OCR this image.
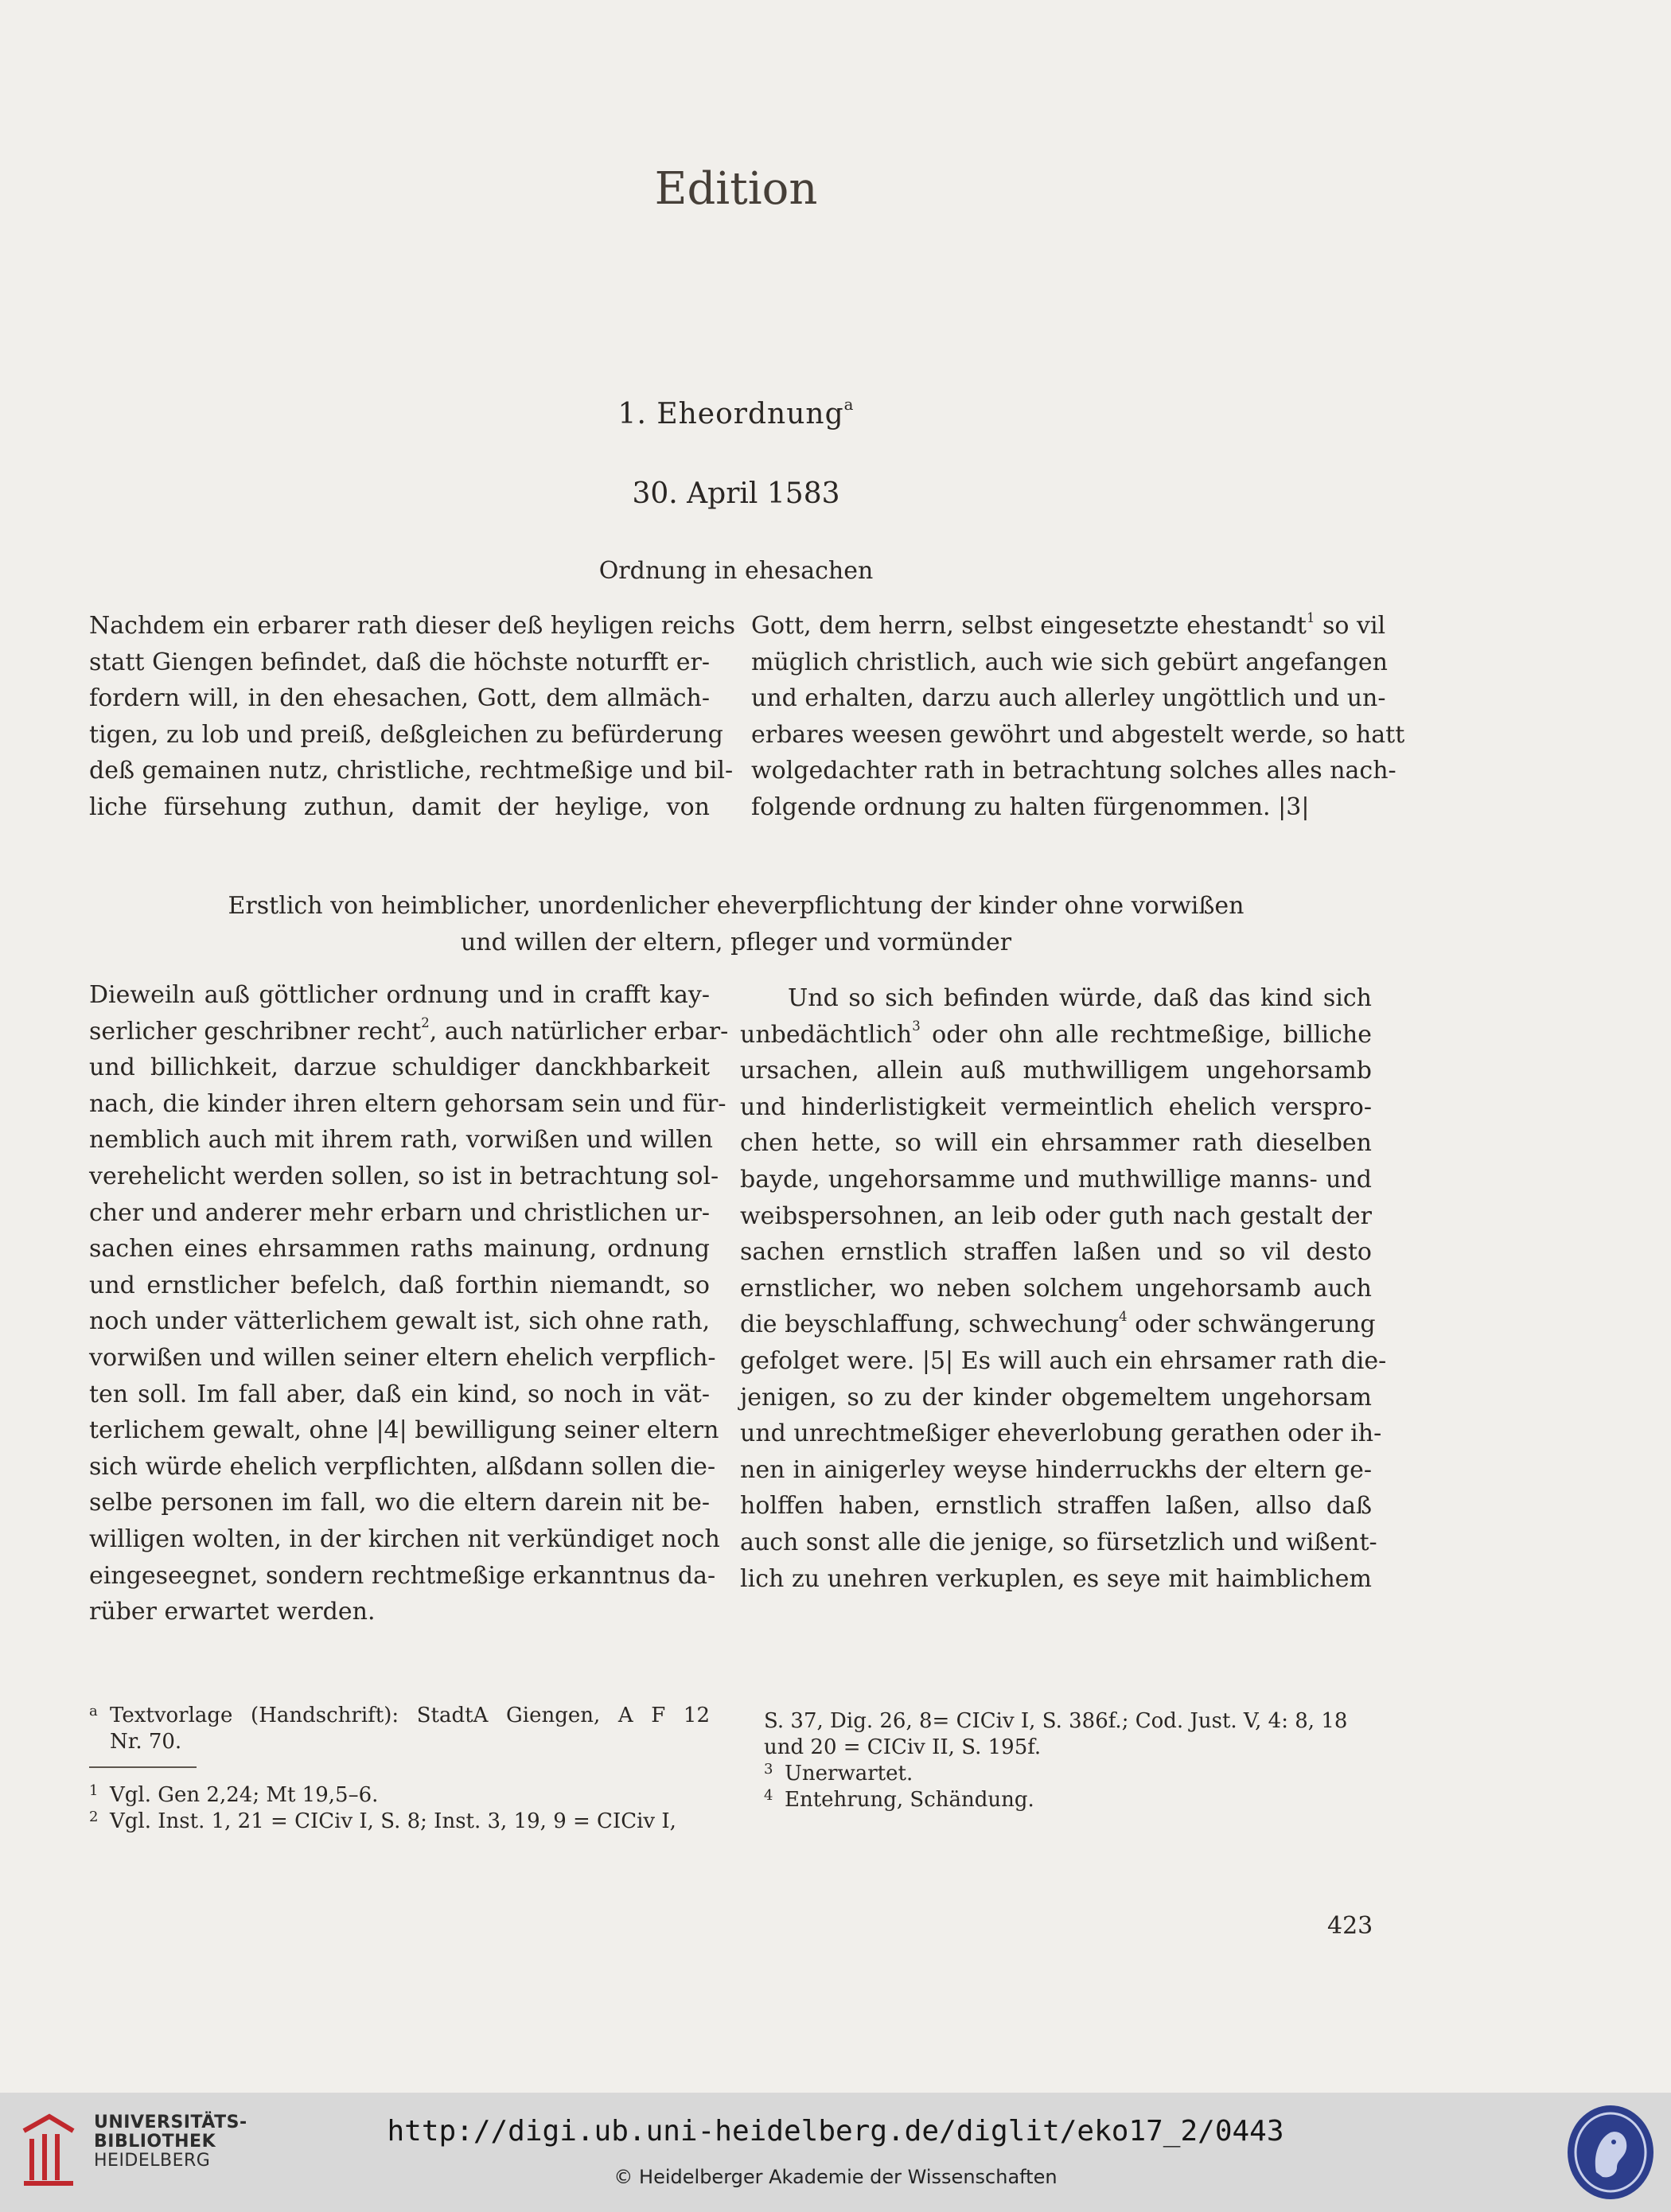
Edition
1. Eheordnung$^a$
30. April 1583
Ordnung in ehesachen
Nachdem ein erbarer rath dieser deß heyligen reichs
statt Giengen befindet, daß die höchste noturfft er-
fordern will, in den ehesachen, Gott, dem allmäch-
tigen, zu lob und preiß, deßgleichen zu befürderung
deß gemainen nutz, christliche, rechtmeßige und bil-
liche fürsehung zuthun, damit der heylige, von
Gott, dem herrn, selbst eingesetzte ehestandt$^1$ so vil
müglich christlich, auch wie sich gebürt angefangen
und erhalten, darzu auch allerley ungöttlich und un-
erbares weesen gewöhrt und abgestelt werde, so hatt
wolgedachter rath in betrachtung solches alles nach-
folgende ordnung zu halten fürgenommen. |3|
Erstlich von heimblicher, unordenlicher eheverpflichtung der kinder ohne vorwißen
und willen der eltern, pfleger und vormünder
Dieweiln auß göttlicher ordnung und in crafft kay-
serlicher geschribner recht$^2$, auch natürlicher erbar-
und billichkeit, darzue schuldiger danckhbarkeit
nach, die kinder ihren eltern gehorsam sein und für-
nemblich auch mit ihrem rath, vorwißen und willen
verehelicht werden sollen, so ist in betrachtung sol-
cher und anderer mehr erbarn und christlichen ur-
sachen eines ehrsammen raths mainung, ordnung
und ernstlicher befelch, daß forthin niemandt, so
noch under vätterlichem gewalt ist, sich ohne rath,
vorwißen und willen seiner eltern ehelich verpflich-
ten soll. Im fall aber, daß ein kind, so noch in vät-
terlichem gewalt, ohne |4| bewilligung seiner eltern
sich würde ehelich verpflichten, alßdann sollen die-
selbe personen im fall, wo die eltern darein nit be-
willigen wolten, in der kirchen nit verkündiget noch
eingeseegnet, sondern rechtmeßige erkanntnus da-
rüber erwartet werden.
Und so sich befinden würde, daß das kind sich
unbedächtlich$^3$ oder ohn alle rechtmeßige, billiche
ursachen, allein auß muthwilligem ungehorsamb
und hinderlistigkeit vermeintlich ehelich verspro-
chen hette, so will ein ehrsammer rath dieselben
bayde, ungehorsamme und muthwillige manns- und
weibspersohnen, an leib oder guth nach gestalt der
sachen ernstlich straffen laßen und so vil desto
ernstlicher, wo neben solchem ungehorsamb auch
die beyschlaffung, schwechung$^4$ oder schwängerung
gefolget were. |5| Es will auch ein ehrsamer rath die-
jenigen, so zu der kinder obgemeltem ungehorsam
und unrechtmeßiger eheverlobung gerathen oder ih-
nen in ainigerley weyse hinderruckhs der eltern ge-
holffen haben, ernstlich straffen laßen, allso daß
auch sonst alle die jenige, so fürsetzlich und wißent-
lich zu unehren verkuplen, es seye mit haimblichem
a Textvorlage (Handschrift): StadtA Giengen, A F 12
Nr. 70.
1 Vgl. Gen 2,24; Mt 19,5–6.
2 Vgl. Inst. 1, 21 = CICiv I, S. 8; Inst. 3, 19, 9 = CICiv I,
S. 37, Dig. 26, 8= CICiv I, S. 386f.; Cod. Just. V, 4: 8, 18
und 20 = CICiv II, S. 195f.
3 Unerwartet.
4 Entehrung, Schändung.
423
UNIVERSITÄTS-
BIBLIOTHEK
HEIDELBERG
http://digi.ub.uni-heidelberg.de/diglit/eko17_2/0443
© Heidelberger Akademie der Wissenschaften
